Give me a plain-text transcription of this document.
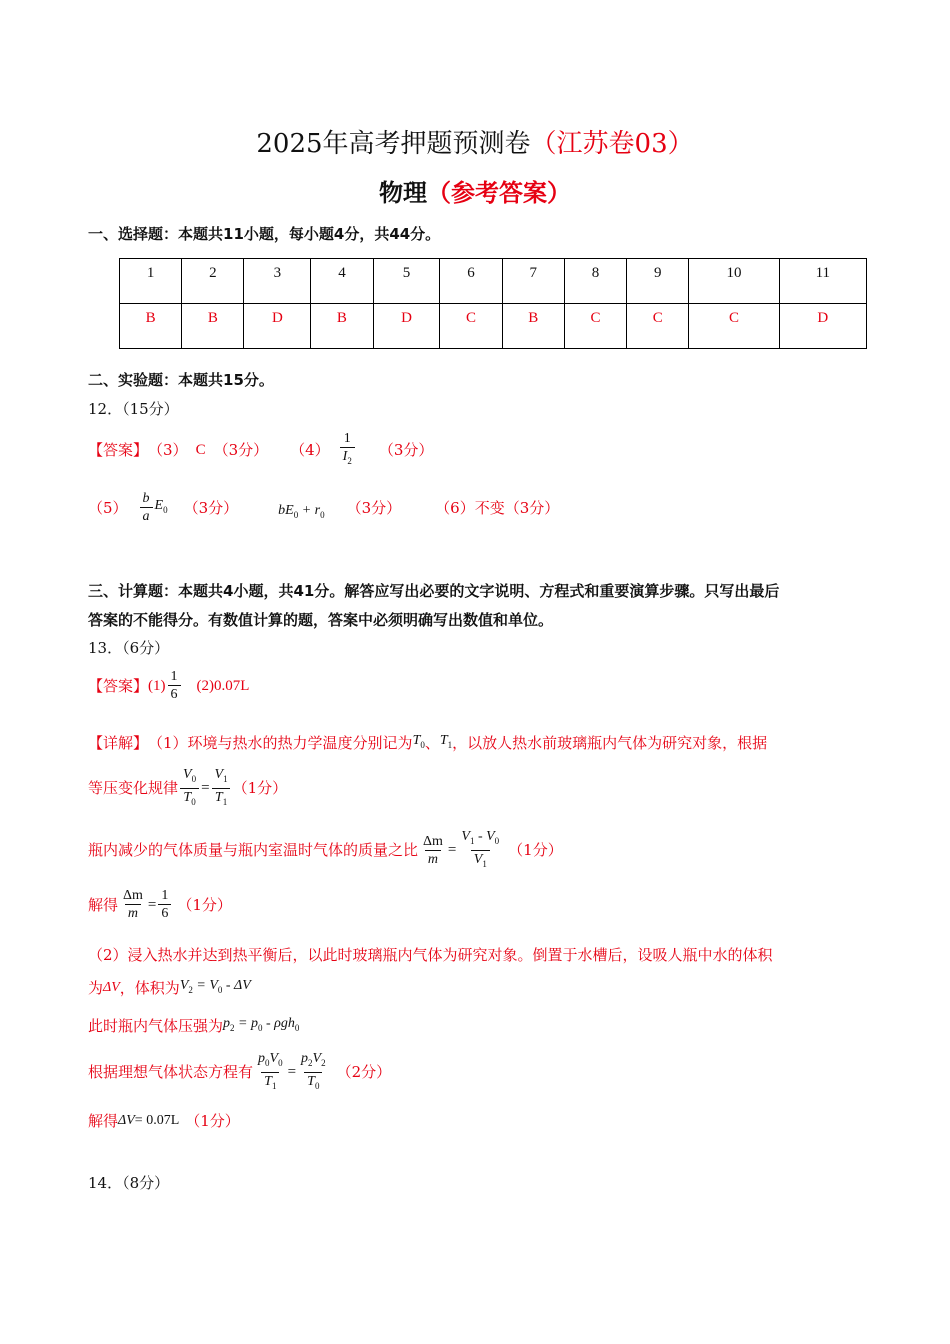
2025年高考押题预测卷（江苏卷03）
物理（参考答案）
一、选择题：本题共11小题，每小题4分，共44分。
1	2	3	4	5	6	7	8	9	10	11
B	B	D	B	D	C	B	C	C	C	D
二、实验题：本题共15分。
12．（15分）
【答案】 （3） C （3分） $(4) \frac{1}{I_2} (3$分）
$(5) \frac{b}{a} E_0$ （3分）	$bE_0 + r_0$ （3分） （6）不变（3分）
三、计算题：本题共4小题，共41分。解答应写出必要的文字说明、方程式和重要演算步骤。只写出最后
答案的不能得分。有数值计算的题，答案中必须明确写出数值和单位。
13．（6分）
【答案】 $(1) \frac{1}{6} (2)0.07L$
【详解】 （1）环境与热水的热力学温度分别记为 $T_0$ 、 $T_1$ ，以放人热水前玻璃瓶内气体为研究对象，根据
等压变化规律 $\frac{V_0}{T_0} = \frac{V_1}{T_1} (1$分）
瓶内减少的气体质量与瓶内室温时气体的质量之比 $\frac{\Delta m}{m} = \frac{V_1 - V_0}{V_1} (1$分）
解得 $\frac{\Delta m}{m} = \frac{1}{6} (1$分）
（2）浸入热水并达到热平衡后，以此时玻璃瓶内气体为研究对象。倒置于水槽后，设吸人瓶中水的体积
为 ΔV ，体积为 $V_2 = V_0 - \Delta V$
此时瓶内气体压强为 $p_2 = p_0 - \rho gh_0$
根据理想气体状态方程有 $\frac{p_0V_0}{T_1} = \frac{p_2V_2}{T_0} (2$分）
解得 ΔV = 0.07L （1分）
14．（8分）
